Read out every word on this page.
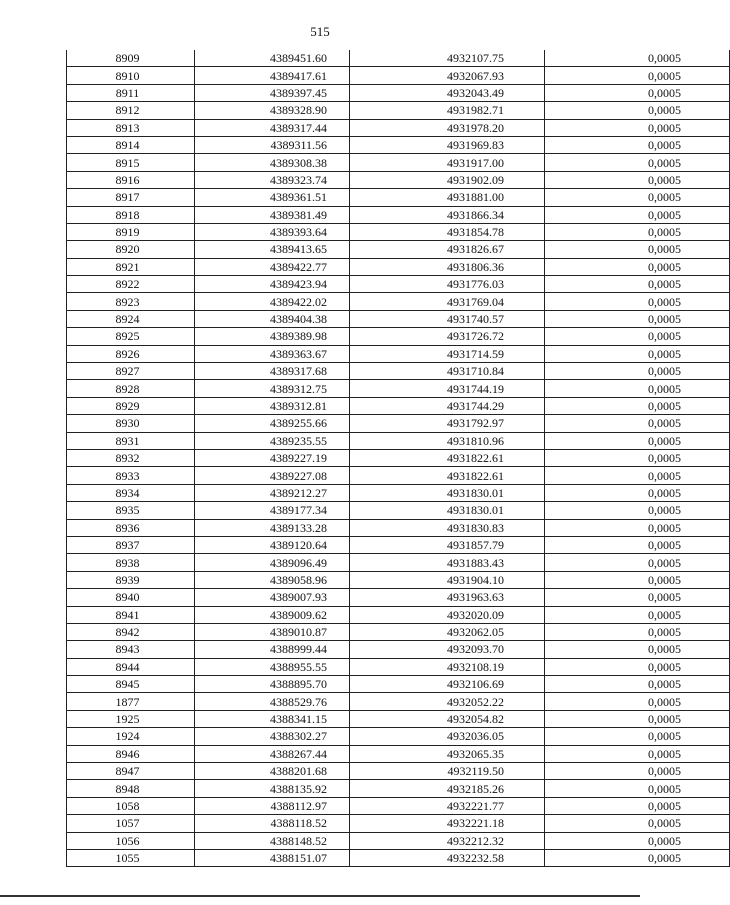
515
8909	4389451.60	4932107.75	0,0005
8910	4389417.61	4932067.93	0,0005
8911	4389397.45	4932043.49	0,0005
8912	4389328.90	4931982.71	0,0005
8913	4389317.44	4931978.20	0,0005
8914	4389311.56	4931969.83	0,0005
8915	4389308.38	4931917.00	0,0005
8916	4389323.74	4931902.09	0,0005
8917	4389361.51	4931881.00	0,0005
8918	4389381.49	4931866.34	0,0005
8919	4389393.64	4931854.78	0,0005
8920	4389413.65	4931826.67	0,0005
8921	4389422.77	4931806.36	0,0005
8922	4389423.94	4931776.03	0,0005
8923	4389422.02	4931769.04	0,0005
8924	4389404.38	4931740.57	0,0005
8925	4389389.98	4931726.72	0,0005
8926	4389363.67	4931714.59	0,0005
8927	4389317.68	4931710.84	0,0005
8928	4389312.75	4931744.19	0,0005
8929	4389312.81	4931744.29	0,0005
8930	4389255.66	4931792.97	0,0005
8931	4389235.55	4931810.96	0,0005
8932	4389227.19	4931822.61	0,0005
8933	4389227.08	4931822.61	0,0005
8934	4389212.27	4931830.01	0,0005
8935	4389177.34	4931830.01	0,0005
8936	4389133.28	4931830.83	0,0005
8937	4389120.64	4931857.79	0,0005
8938	4389096.49	4931883.43	0,0005
8939	4389058.96	4931904.10	0,0005
8940	4389007.93	4931963.63	0,0005
8941	4389009.62	4932020.09	0,0005
8942	4389010.87	4932062.05	0,0005
8943	4388999.44	4932093.70	0,0005
8944	4388955.55	4932108.19	0,0005
8945	4388895.70	4932106.69	0,0005
1877	4388529.76	4932052.22	0,0005
1925	4388341.15	4932054.82	0,0005
1924	4388302.27	4932036.05	0,0005
8946	4388267.44	4932065.35	0,0005
8947	4388201.68	4932119.50	0,0005
8948	4388135.92	4932185.26	0,0005
1058	4388112.97	4932221.77	0,0005
1057	4388118.52	4932221.18	0,0005
1056	4388148.52	4932212.32	0,0005
1055	4388151.07	4932232.58	0,0005
